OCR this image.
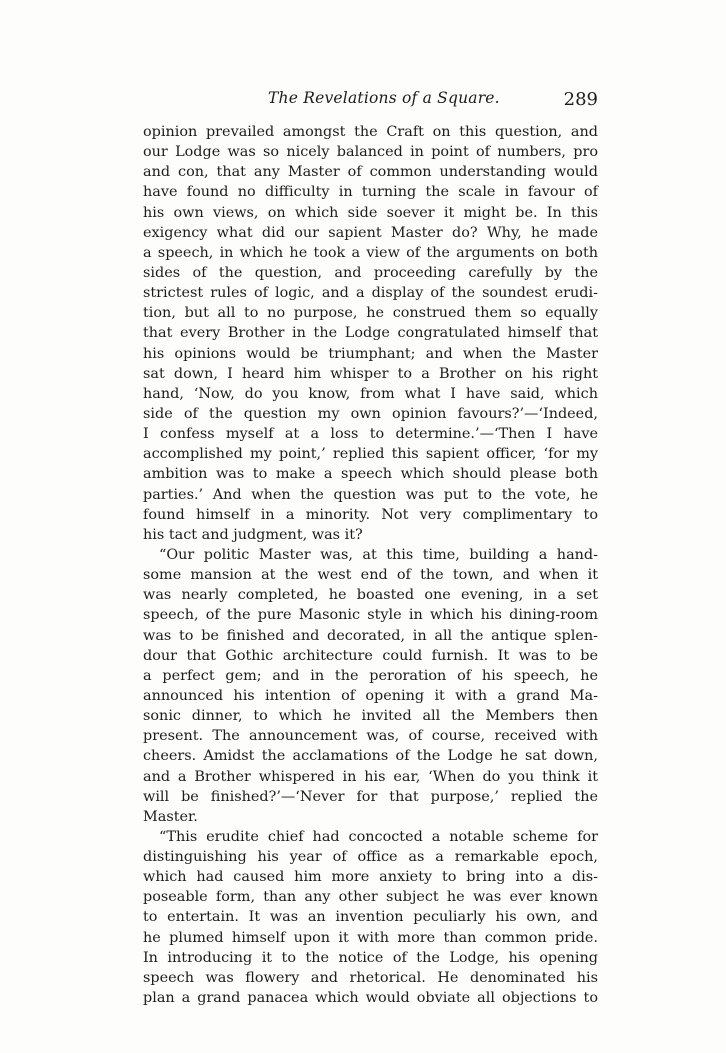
The Revelations of a Square.	289
opinion prevailed amongst the Craft on this question, and
our Lodge was so nicely balanced in point of numbers, pro
and con, that any Master of common understanding would
have found no difficulty in turning the scale in favour of
his own views, on which side soever it might be. In this
exigency what did our sapient Master do? Why, he made
a speech, in which he took a view of the arguments on both
sides of the question, and proceeding carefully by the
strictest rules of logic, and a display of the soundest erudi-
tion, but all to no purpose, he construed them so equally
that every Brother in the Lodge congratulated himself that
his opinions would be triumphant; and when the Master
sat down, I heard him whisper to a Brother on his right
hand, ‘Now, do you know, from what I have said, which
side of the question my own opinion favours?’—‘Indeed,
I confess myself at a loss to determine.’—‘Then I have
accomplished my point,’ replied this sapient officer, ‘for my
ambition was to make a speech which should please both
parties.’ And when the question was put to the vote, he
found himself in a minority. Not very complimentary to
his tact and judgment, was it?
“Our politic Master was, at this time, building a hand-
some mansion at the west end of the town, and when it
was nearly completed, he boasted one evening, in a set
speech, of the pure Masonic style in which his dining-room
was to be finished and decorated, in all the antique splen-
dour that Gothic architecture could furnish. It was to be
a perfect gem; and in the peroration of his speech, he
announced his intention of opening it with a grand Ma-
sonic dinner, to which he invited all the Members then
present. The announcement was, of course, received with
cheers. Amidst the acclamations of the Lodge he sat down,
and a Brother whispered in his ear, ‘When do you think it
will be finished?’—‘Never for that purpose,’ replied the
Master.
“This erudite chief had concocted a notable scheme for
distinguishing his year of office as a remarkable epoch,
which had caused him more anxiety to bring into a dis-
poseable form, than any other subject he was ever known
to entertain. It was an invention peculiarly his own, and
he plumed himself upon it with more than common pride.
In introducing it to the notice of the Lodge, his opening
speech was flowery and rhetorical. He denominated his
plan a grand panacea which would obviate all objections to
